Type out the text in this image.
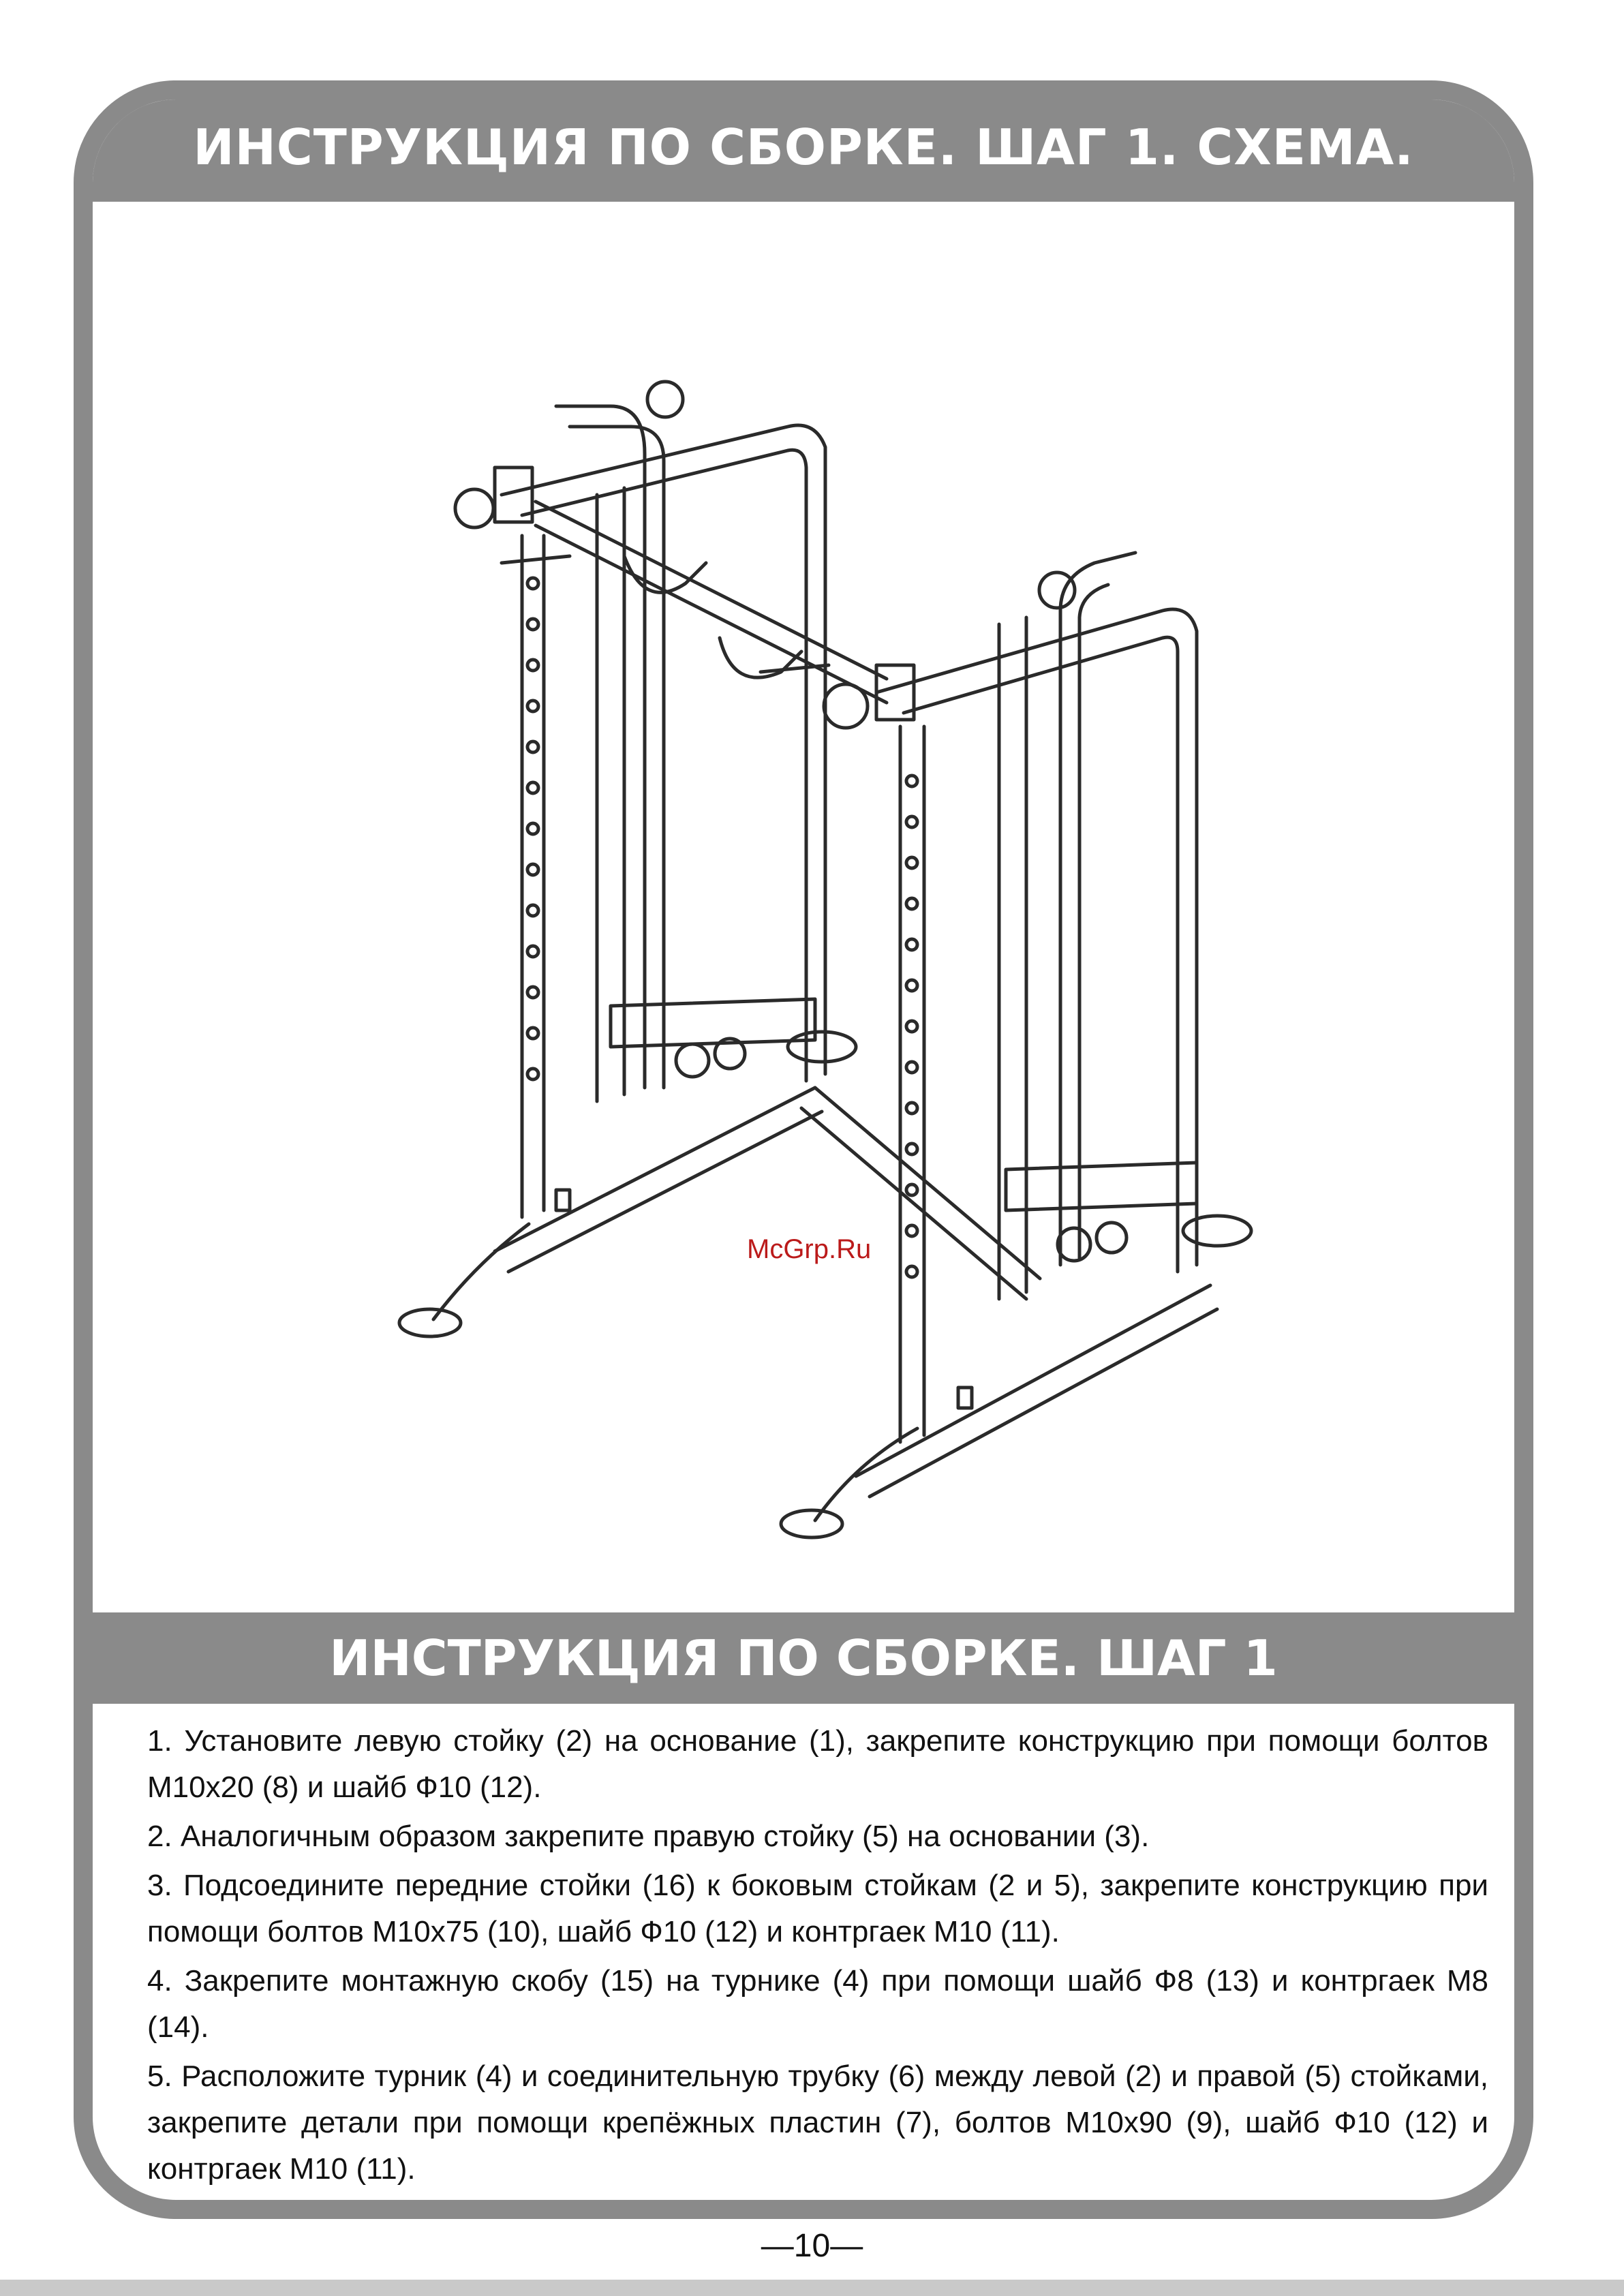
ИНСТРУКЦИЯ ПО СБОРКЕ. ШАГ 1. СХЕМА.
McGrp.Ru
ИНСТРУКЦИЯ ПО СБОРКЕ. ШАГ 1

1. Установите левую стойку (2) на основание (1), закрепите конструкцию при помощи болтов М10х20 (8) и шайб Ф10 (12).

2. Аналогичным образом закрепите правую стойку (5) на основании (3).

3. Подсоедините передние стойки (16) к боковым стойкам (2 и 5), закрепите конструкцию при помощи болтов М10х75 (10), шайб Ф10 (12) и контргаек М10 (11).

4. Закрепите монтажную скобу (15) на турнике (4) при помощи шайб Ф8 (13) и контргаек М8 (14).

5. Расположите турник (4) и соединительную трубку (6) между левой (2) и правой (5) стойками, закрепите детали при помощи крепёжных пластин (7), болтов М10х90 (9), шайб Ф10 (12) и контргаек М10 (11).

—10—
